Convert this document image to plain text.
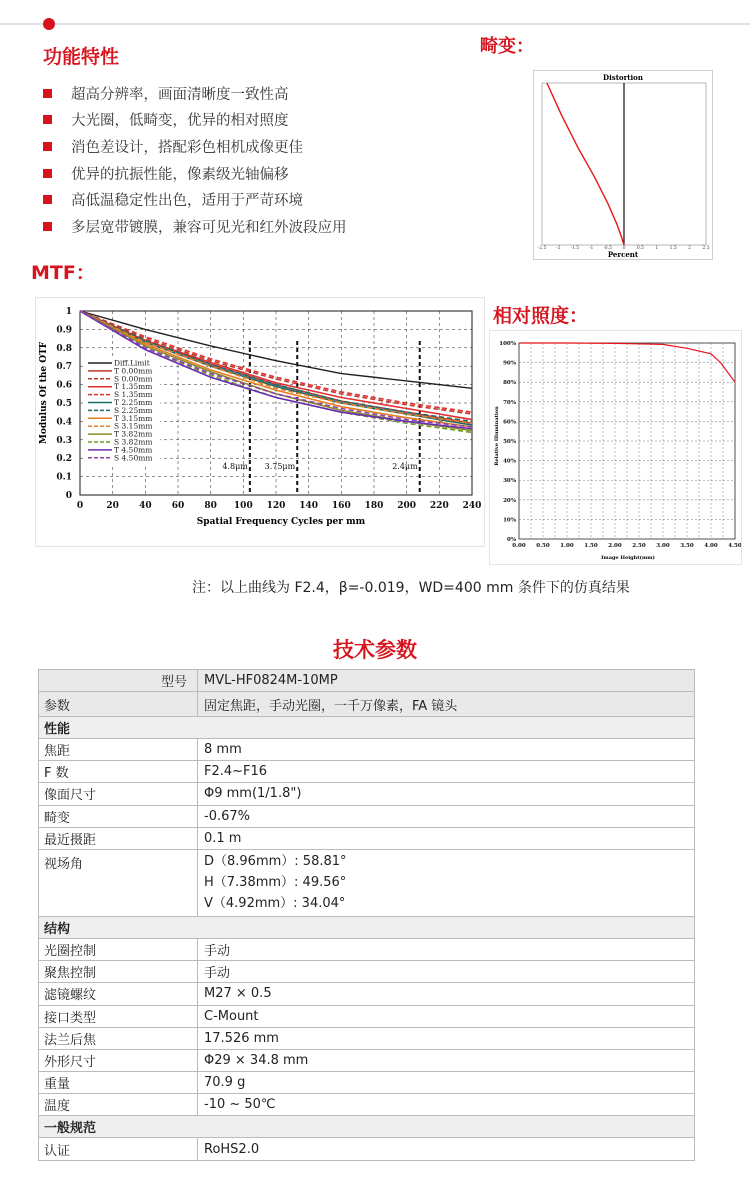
功能特性	畸变：
超高分辨率，画面清晰度一致性高
大光圈，低畸变，优异的相对照度
消色差设计，搭配彩色相机成像更佳
优异的抗振性能，像素级光轴偏移
高低温稳定性出色，适用于严苛环境
多层宽带镀膜，兼容可见光和红外波段应用
Distortion
-2.5 -2 -1.5 -1 -0.5 0	0.5	1	1.5	2	2.5
Percent
MTF：
Diff.Limit
T 0.00mm
S 0.00mm
T 1.35mm
S 1.35mm
T 2.25mm
S 2.25mm
T 3.15mm
S 3.15mm
T 3.82mm
S 3.82mm
T 4.50mm
S 4.50mm
0	20 40 60 80 100 120 140 160 180 200 220 240
0
0.1
0.2
0.3
0.4
0.5
0.6
0.7
0.8
0.9
1
4.8μm 3.75μm	2.4μm
Spatial Frequency Cycles per mm
Modulus Of the OTF
相对照度：
0.00 0.50 1.00 1.50 2.00 2.50 3.00 3.50 4.00 4.50
0%
10%
20%
30%
40%
50%
60%
70%
80%
90%
100%
Image Height(mm)
Relative Illumination
注：以上曲线为 F2.4，β=-0.019，WD=400 mm 条件下的仿真结果
技术参数
型号	MVL-HF0824M-10MP
参数	固定焦距，手动光圈，一千万像素，FA 镜头
性能
焦距	8 mm
F 数	F2.4~F16
像面尺寸	Φ9 mm(1/1.8")
畸变	-0.67%
最近摄距	0.1 m
视场角	D（8.96mm）: 58.81°
H（7.38mm）: 49.56°
V（4.92mm）: 34.04°
结构
光圈控制	手动
聚焦控制	手动
滤镜螺纹	M27 × 0.5
接口类型	C-Mount
法兰后焦	17.526 mm
外形尺寸	Φ29 × 34.8 mm
重量	70.9 g
温度	-10 ~ 50℃
一般规范
认证	RoHS2.0
